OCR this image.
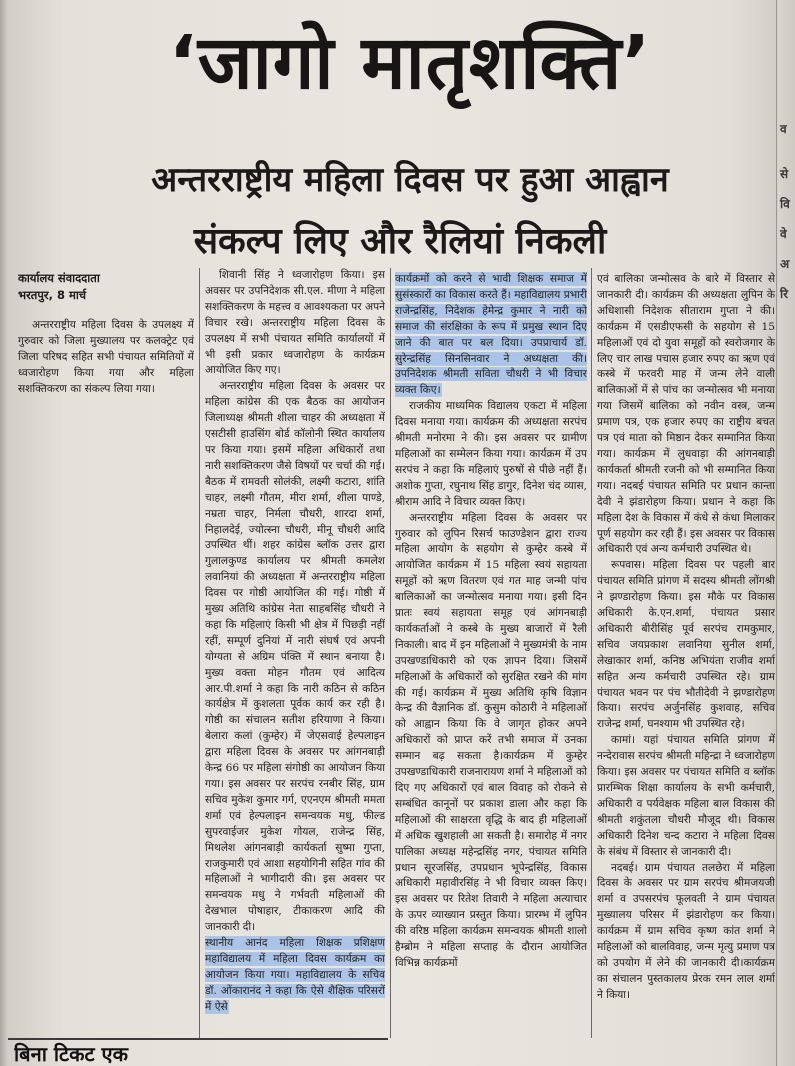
‘जागो मातृशक्ति’
अन्तरराष्ट्रीय महिला दिवस पर हुआ आह्वान
संकल्प लिए और रैलियां निकली
कार्यालय संवाददाता
भरतपुर, 8 मार्च

अन्तरराष्ट्रीय महिला दिवस के उपलक्ष्य में गुरुवार को जिला मुख्यालय पर कलक्ट्रेट एवं जिला परिषद सहित सभी पंचायत समितियों में ध्वजारोहण किया गया और महिला सशक्तिकरण का संकल्प लिया गया।

शिवानी सिंह ने ध्वजारोहण किया। इस अवसर पर उपनिदेशक सी.एल. मीणा ने महिला सशक्तिकरण के महत्त्व व आवश्यकता पर अपने विचार रखे। अन्तरराष्ट्रीय महिला दिवस के उपलक्ष्य में सभी पंचायत समिति कार्यालयों में भी इसी प्रकार ध्वजारोहण के कार्यक्रम आयोजित किए गए।

अन्तरराष्ट्रीय महिला दिवस के अवसर पर महिला कांग्रेस की एक बैठक का आयोजन जिलाध्यक्ष श्रीमती शीला चाहर की अध्यक्षता में एसटीसी हाउसिंग बोर्ड कॉलोनी स्थित कार्यालय पर किया गया। इसमें महिला अधिकारों तथा नारी सशक्तिकरण जैसे विषयों पर चर्चा की गई। बैठक में रामवती सोलंकी, लक्ष्मी कटारा, शांति चाहर, लक्ष्मी गौतम, मीरा शर्मा, शीला पाण्डे, नम्रता चाहर, निर्मला चौधरी, शारदा शर्मा, निहालदेई, ज्योत्स्ना चौधरी, मीनू चौधरी आदि उपस्थित थीं। शहर कांग्रेस ब्लॉक उत्तर द्वारा गुलालकुण्ड कार्यालय पर श्रीमती कमलेश लवानियां की अध्यक्षता में अन्तरराष्ट्रीय महिला दिवस पर गोष्ठी आयोजित की गई। गोष्ठी में मुख्य अतिथि कांग्रेस नेता साहबसिंह चौधरी ने कहा कि महिलाएं किसी भी क्षेत्र में पिछड़ी नहीं रहीं, सम्पूर्ण दुनियां में नारी संघर्ष एवं अपनी योग्यता से अग्रिम पंक्ति में स्थान बनाया है। मुख्य वक्ता मोहन गौतम एवं आदित्य आर.पी.शर्मा ने कहा कि नारी कठिन से कठिन कार्यक्षेत्र में कुशलता पूर्वक कार्य कर रही है। गोष्ठी का संचालन सतीश हरियाणा ने किया। बेलारा कलां (कुम्हेर) में जेएसवाई हेल्पलाइन द्वारा महिला दिवस के अवसर पर आंगनबाड़ी केन्द्र 66 पर महिला संगोष्ठी का आयोजन किया गया। इस अवसर पर सरपंच रनबीर सिंह, ग्राम सचिव मुकेश कुमार गर्ग, एएनएम श्रीमती ममता शर्मा एवं हेल्पलाइन समन्वयक मधु, फील्ड सुपरवाईजर मुकेश गोयल, राजेन्द्र सिंह, मिथलेश आंगनबाड़ी कार्यकर्ता सुष्मा गुप्ता, राजकुमारी एवं आशा सहयोगिनी सहित गांव की महिलाओं ने भागीदारी की। इस अवसर पर समन्वयक मधु ने गर्भवती महिलाओं की देखभाल पोषाहार, टीकाकरण आदि की जानकारी दी।

स्थानीय आनंद महिला शिक्षक प्रशिक्षण महाविद्यालय में महिला दिवस कार्यक्रम का आयोजन किया गया। महाविद्यालय के सचिव डॉ. ओंकारानंद ने कहा कि ऐसे शैक्षिक परिसरों में ऐसे

कार्यक्रमों को करने से भावी शिक्षक समाज में सुसंस्कारों का विकास करते हैं। महाविद्यालय प्रभारी राजेन्द्रसिंह, निदेशक हेमेन्द्र कुमार ने नारी को समाज की संरक्षिका के रूप में प्रमुख स्थान दिए जाने की बात पर बल दिया। उपप्राचार्य डॉ. सुरेन्द्रसिंह सिनसिनवार ने अध्यक्षता की। उपनिदेशक श्रीमती सविता चौधरी ने भी विचार व्यक्त किए।

राजकीय माध्यमिक विद्यालय एकटा में महिला दिवस मनाया गया। कार्यक्रम की अध्यक्षता सरपंच श्रीमती मनोरमा ने की। इस अवसर पर ग्रामीण महिलाओं का सम्मेलन किया गया। कार्यक्रम में उप सरपंच ने कहा कि महिलाएं पुरुषों से पीछे नहीं हैं। अशोक गुप्ता, रघुनाथ सिंह डागुर, दिनेश चंद व्यास, श्रीराम आदि ने विचार व्यक्त किए।

अन्तरराष्ट्रीय महिला दिवस के अवसर पर गुरुवार को लुपिन रिसर्च फाउण्डेशन द्वारा राज्य महिला आयोग के सहयोग से कुम्हेर कस्बे में आयोजित कार्यक्रम में 15 महिला स्वयं सहायता समूहों को ऋण वितरण एवं गत माह जन्मी पांच बालिकाओं का जन्मोत्सव मनाया गया। इसी दिन प्रातः स्वयं सहायता समूह एवं आंगनबाड़ी कार्यकर्ताओं ने कस्बे के मुख्य बाजारों में रैली निकाली। बाद में इन महिलाओं ने मुख्यमंत्री के नाम उपखण्डाधिकारी को एक ज्ञापन दिया। जिसमें महिलाओं के अधिकारों को सुरक्षित रखने की मांग की गई। कार्यक्रम में मुख्य अतिथि कृषि विज्ञान केन्द्र की वैज्ञानिक डॉ. कुसुम कोठारी ने महिलाओं को आह्वान किया कि वे जागृत होकर अपने अधिकारों को प्राप्त करें तभी समाज में उनका सम्मान बढ़ सकता है।कार्यक्रम में कुम्हेर उपखण्डाधिकारी राजनारायण शर्मा ने महिलाओं को दिए गए अधिकारों एवं बाल विवाह को रोकने से सम्बंधित कानूनों पर प्रकाश डाला और कहा कि महिलाओं की साक्षरता वृद्धि के बाद ही महिलाओं में अधिक खुशहाली आ सकती है। समारोह में नगर पालिका अध्यक्ष महेन्द्रसिंह नगर, पंचायत समिति प्रधान सूरजसिंह, उपप्रधान भूपेन्द्रसिंह, विकास अधिकारी महावीरसिंह ने भी विचार व्यक्त किए। इस अवसर पर रितेश तिवारी ने महिला अत्याचार के ऊपर व्याख्यान प्रस्तुत किया। प्रारम्भ में लुपिन की वरिष्ठ महिला कार्यक्रम समन्वयक श्रीमती शालो हैम्ब्रोम ने महिला सप्ताह के दौरान आयोजित विभिन्न कार्यक्रमों

एवं बालिका जन्मोत्सव के बारे में विस्तार से जानकारी दी। कार्यक्रम की अध्यक्षता लुपिन के अधिशासी निदेशक सीताराम गुप्ता ने की। कार्यक्रम में एसडीएफसी के सहयोग से 15 महिलाओं एवं दो युवा समूहों को स्वरोजगार के लिए चार लाख पचास हजार रुपए का ऋण एवं कस्बे में फरवरी माह में जन्म लेने वाली बालिकाओं में से पांच का जन्मोत्सव भी मनाया गया जिसमें बालिका को नवीन वस्त्र, जन्म प्रमाण पत्र, एक हजार रुपए का राष्ट्रीय बचत पत्र एवं माता को मिष्ठान देकर सम्मानित किया गया। कार्यक्रम में लुधवाड़ा की आंगनबाड़ी कार्यकर्ता श्रीमती रजनी को भी सम्मानित किया गया। नदबई पंचायत समिति पर प्रधान कान्ता देवी ने झंडारोहण किया। प्रधान ने कहा कि महिला देश के विकास में कंधे से कंधा मिलाकर पूर्ण सहयोग कर रही हैं। इस अवसर पर विकास अधिकारी एवं अन्य कर्मचारी उपस्थित थे।

रूपवास। महिला दिवस पर पहली बार पंचायत समिति प्रांगण में सदस्य श्रीमती लोंगश्री ने झण्डारोहण किया। इस मौके पर विकास अधिकारी के.एन.शर्मा, पंचायत प्रसार अधिकारी बीरीसिंह पूर्व सरपंच रामकुमार, सचिव जयप्रकाश लवानिया सुनील शर्मा, लेखाकार शर्मा, कनिष्ठ अभियंता राजीव शर्मा सहित अन्य कर्मचारी उपस्थित रहे। ग्राम पंचायत भवन पर पंच भौतीदेवी ने झण्डारोहण किया। सरपंच अर्जुनसिंह कुशवाह, सचिव राजेन्द्र शर्मा, घनश्याम भी उपस्थित रहे।

कामां। यहां पंचायत समिति प्रांगण में नन्देरावास सरपंच श्रीमती महिन्द्रा ने ध्वजारोहण किया। इस अवसर पर पंचायत समिति व ब्लॉक प्रारम्भिक शिक्षा कार्यालय के सभी कर्मचारी, अधिकारी व पर्यवेक्षक महिला बाल विकास की श्रीमती शकुंतला चौधरी मौजूद थी। विकास अधिकारी दिनेश चन्द कटारा ने महिला दिवस के संबंध में विस्तार से जानकारी दी।

नदबई। ग्राम पंचायत तलछेरा में महिला दिवस के अवसर पर ग्राम सरपंच श्रीमजयजी शर्मा व उपसरपंच फूलवती ने ग्राम पंचायत मुख्यालय परिसर में झंडारोहण कर किया। कार्यक्रम में ग्राम सचिव कृष्ण कांत शर्मा ने महिलाओं को बालविवाह, जन्म मृत्यु प्रमाण पत्र को उपयोग में लेने की जानकारी दी।कार्यक्रम का संचालन पुस्तकालय प्रेरक रमन लाल शर्मा ने किया।

बिना टिकट एक
व
से
वि
वे
अ
रि
